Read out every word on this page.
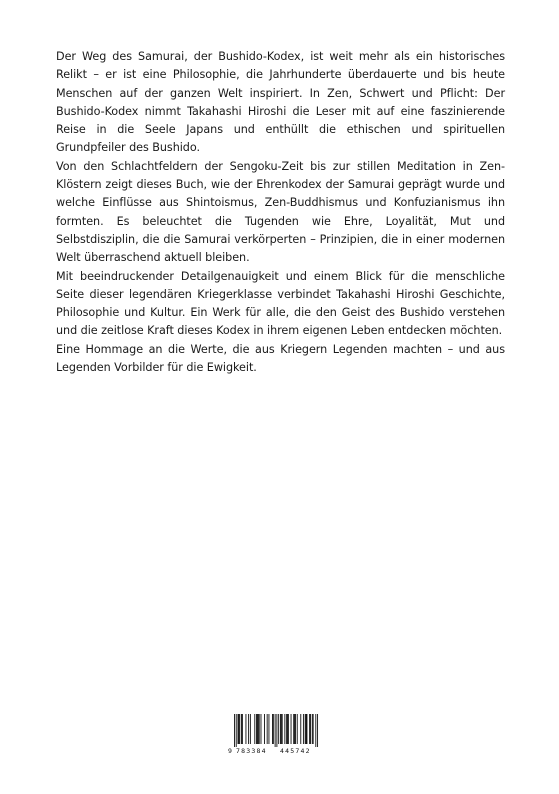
Der Weg des Samurai, der Bushido-Kodex, ist weit mehr als ein historisches Relikt – er ist eine Philosophie, die Jahrhunderte überdauerte und bis heute Menschen auf der ganzen Welt inspiriert. In Zen, Schwert und Pflicht: Der Bushido-Kodex nimmt Takahashi Hiroshi die Leser mit auf eine faszinierende Reise in die Seele Japans und enthüllt die ethischen und spirituellen Grundpfeiler des Bushido.

Von den Schlachtfeldern der Sengoku-Zeit bis zur stillen Meditation in Zen-Klöstern zeigt dieses Buch, wie der Ehrenkodex der Samurai geprägt wurde und welche Einflüsse aus Shintoismus, Zen-Buddhismus und Konfuzianismus ihn formten. Es beleuchtet die Tugenden wie Ehre, Loyalität, Mut und Selbstdisziplin, die die Samurai verkörperten – Prinzipien, die in einer modernen Welt überraschend aktuell bleiben.

Mit beeindruckender Detailgenauigkeit und einem Blick für die menschliche Seite dieser legendären Kriegerklasse verbindet Takahashi Hiroshi Geschichte, Philosophie und Kultur. Ein Werk für alle, die den Geist des Bushido verstehen und die zeitlose Kraft dieses Kodex in ihrem eigenen Leben entdecken möchten.

Eine Hommage an die Werte, die aus Kriegern Legenden machten – und aus Legenden Vorbilder für die Ewigkeit.

9 783384 445742
